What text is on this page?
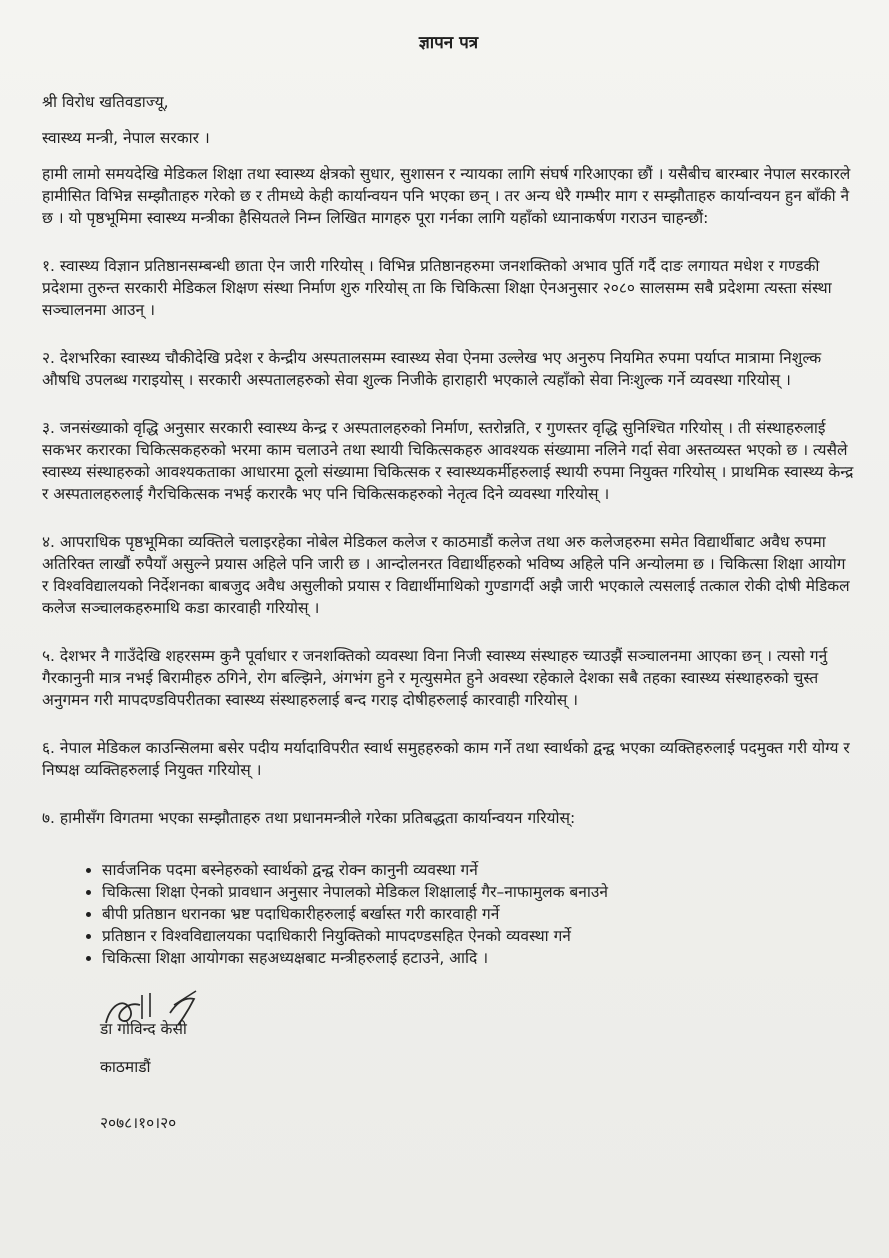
ज्ञापन पत्र

श्री विरोध खतिवडाज्यू,

स्वास्थ्य मन्त्री, नेपाल सरकार ।

हामी लामो समयदेखि मेडिकल शिक्षा तथा स्वास्थ्य क्षेत्रको सुधार, सुशासन र न्यायका लागि संघर्ष गरिआएका छौं । यसैबीच बारम्बार नेपाल सरकारले हामीसित विभिन्न सम्झौताहरु गरेको छ र तीमध्ये केही कार्यान्वयन पनि भएका छन् । तर अन्य धेरै गम्भीर माग र सम्झौताहरु कार्यान्वयन हुन बाँकी नै छ । यो पृष्ठभूमिमा स्वास्थ्य मन्त्रीका हैसियतले निम्न लिखित मागहरु पूरा गर्नका लागि यहाँको ध्यानाकर्षण गराउन चाहन्छौं:

१. स्वास्थ्य विज्ञान प्रतिष्ठानसम्बन्धी छाता ऐन जारी गरियोस् । विभिन्न प्रतिष्ठानहरुमा जनशक्तिको अभाव पुर्ति गर्दै दाङ लगायत मधेश र गण्डकी प्रदेशमा तुरुन्त सरकारी मेडिकल शिक्षण संस्था निर्माण शुरु गरियोस् ता कि चिकित्सा शिक्षा ऐनअनुसार २०८० सालसम्म सबै प्रदेशमा त्यस्ता संस्था सञ्चालनमा आउन् ।

२. देशभरिका स्वास्थ्य चौकीदेखि प्रदेश र केन्द्रीय अस्पतालसम्म स्वास्थ्य सेवा ऐनमा उल्लेख भए अनुरुप नियमित रुपमा पर्याप्त मात्रामा निशुल्क औषधि उपलब्ध गराइयोस् । सरकारी अस्पतालहरुको सेवा शुल्क निजीके हाराहारी भएकाले त्यहाँको सेवा निःशुल्क गर्ने व्यवस्था गरियोस् ।

३. जनसंख्याको वृद्धि अनुसार सरकारी स्वास्थ्य केन्द्र र अस्पतालहरुको निर्माण, स्तरोन्नति, र गुणस्तर वृद्धि सुनिश्चित गरियोस् । ती संस्थाहरुलाई सकभर करारका चिकित्सकहरुको भरमा काम चलाउने तथा स्थायी चिकित्सकहरु आवश्यक संख्यामा नलिने गर्दा सेवा अस्तव्यस्त भएको छ । त्यसैले स्वास्थ्य संस्थाहरुको आवश्यकताका आधारमा ठूलो संख्यामा चिकित्सक र स्वास्थ्यकर्मीहरुलाई स्थायी रुपमा नियुक्त गरियोस् । प्राथमिक स्वास्थ्य केन्द्र र अस्पतालहरुलाई गैरचिकित्सक नभई करारकै भए पनि चिकित्सकहरुको नेतृत्व दिने व्यवस्था गरियोस् ।

४. आपराधिक पृष्ठभूमिका व्यक्तिले चलाइरहेका नोबेल मेडिकल कलेज र काठमाडौं कलेज तथा अरु कलेजहरुमा समेत विद्यार्थीबाट अवैध रुपमा अतिरिक्त लाखौं रुपैयाँ असुल्ने प्रयास अहिले पनि जारी छ । आन्दोलनरत विद्यार्थीहरुको भविष्य अहिले पनि अन्योलमा छ । चिकित्सा शिक्षा आयोग र विश्वविद्यालयको निर्देशनका बाबजुद अवैध असुलीको प्रयास र विद्यार्थीमाथिको गुण्डागर्दी अझै जारी भएकाले त्यसलाई तत्काल रोकी दोषी मेडिकल कलेज सञ्चालकहरुमाथि कडा कारवाही गरियोस् ।

५. देशभर नै गाउँदेखि शहरसम्म कुनै पूर्वाधार र जनशक्तिको व्यवस्था विना निजी स्वास्थ्य संस्थाहरु च्याउझैं सञ्चालनमा आएका छन् । त्यसो गर्नु गैरकानुनी मात्र नभई बिरामीहरु ठगिने, रोग बल्झिने, अंगभंग हुने र मृत्युसमेत हुने अवस्था रहेकाले देशका सबै तहका स्वास्थ्य संस्थाहरुको चुस्त अनुगमन गरी मापदण्डविपरीतका स्वास्थ्य संस्थाहरुलाई बन्द गराइ दोषीहरुलाई कारवाही गरियोस् ।

६. नेपाल मेडिकल काउन्सिलमा बसेर पदीय मर्यादाविपरीत स्वार्थ समुहहरुको काम गर्ने तथा स्वार्थको द्वन्द्व भएका व्यक्तिहरुलाई पदमुक्त गरी योग्य र निष्पक्ष व्यक्तिहरुलाई नियुक्त गरियोस् ।

७. हामीसँग विगतमा भएका सम्झौताहरु तथा प्रधानमन्त्रीले गरेका प्रतिबद्धता कार्यान्वयन गरियोस्:

• सार्वजनिक पदमा बस्नेहरुको स्वार्थको द्वन्द्व रोक्न कानुनी व्यवस्था गर्ने
• चिकित्सा शिक्षा ऐनको प्रावधान अनुसार नेपालको मेडिकल शिक्षालाई गैर–नाफामुलक बनाउने
• बीपी प्रतिष्ठान धरानका भ्रष्ट पदाधिकारीहरुलाई बर्खास्त गरी कारवाही गर्ने
• प्रतिष्ठान र विश्वविद्यालयका पदाधिकारी नियुक्तिको मापदण्डसहित ऐनको व्यवस्था गर्ने
• चिकित्सा शिक्षा आयोगका सहअध्यक्षबाट मन्त्रीहरुलाई हटाउने, आदि ।
डा गोविन्द केसी

काठमाडौं

२०७८।१०।२०
